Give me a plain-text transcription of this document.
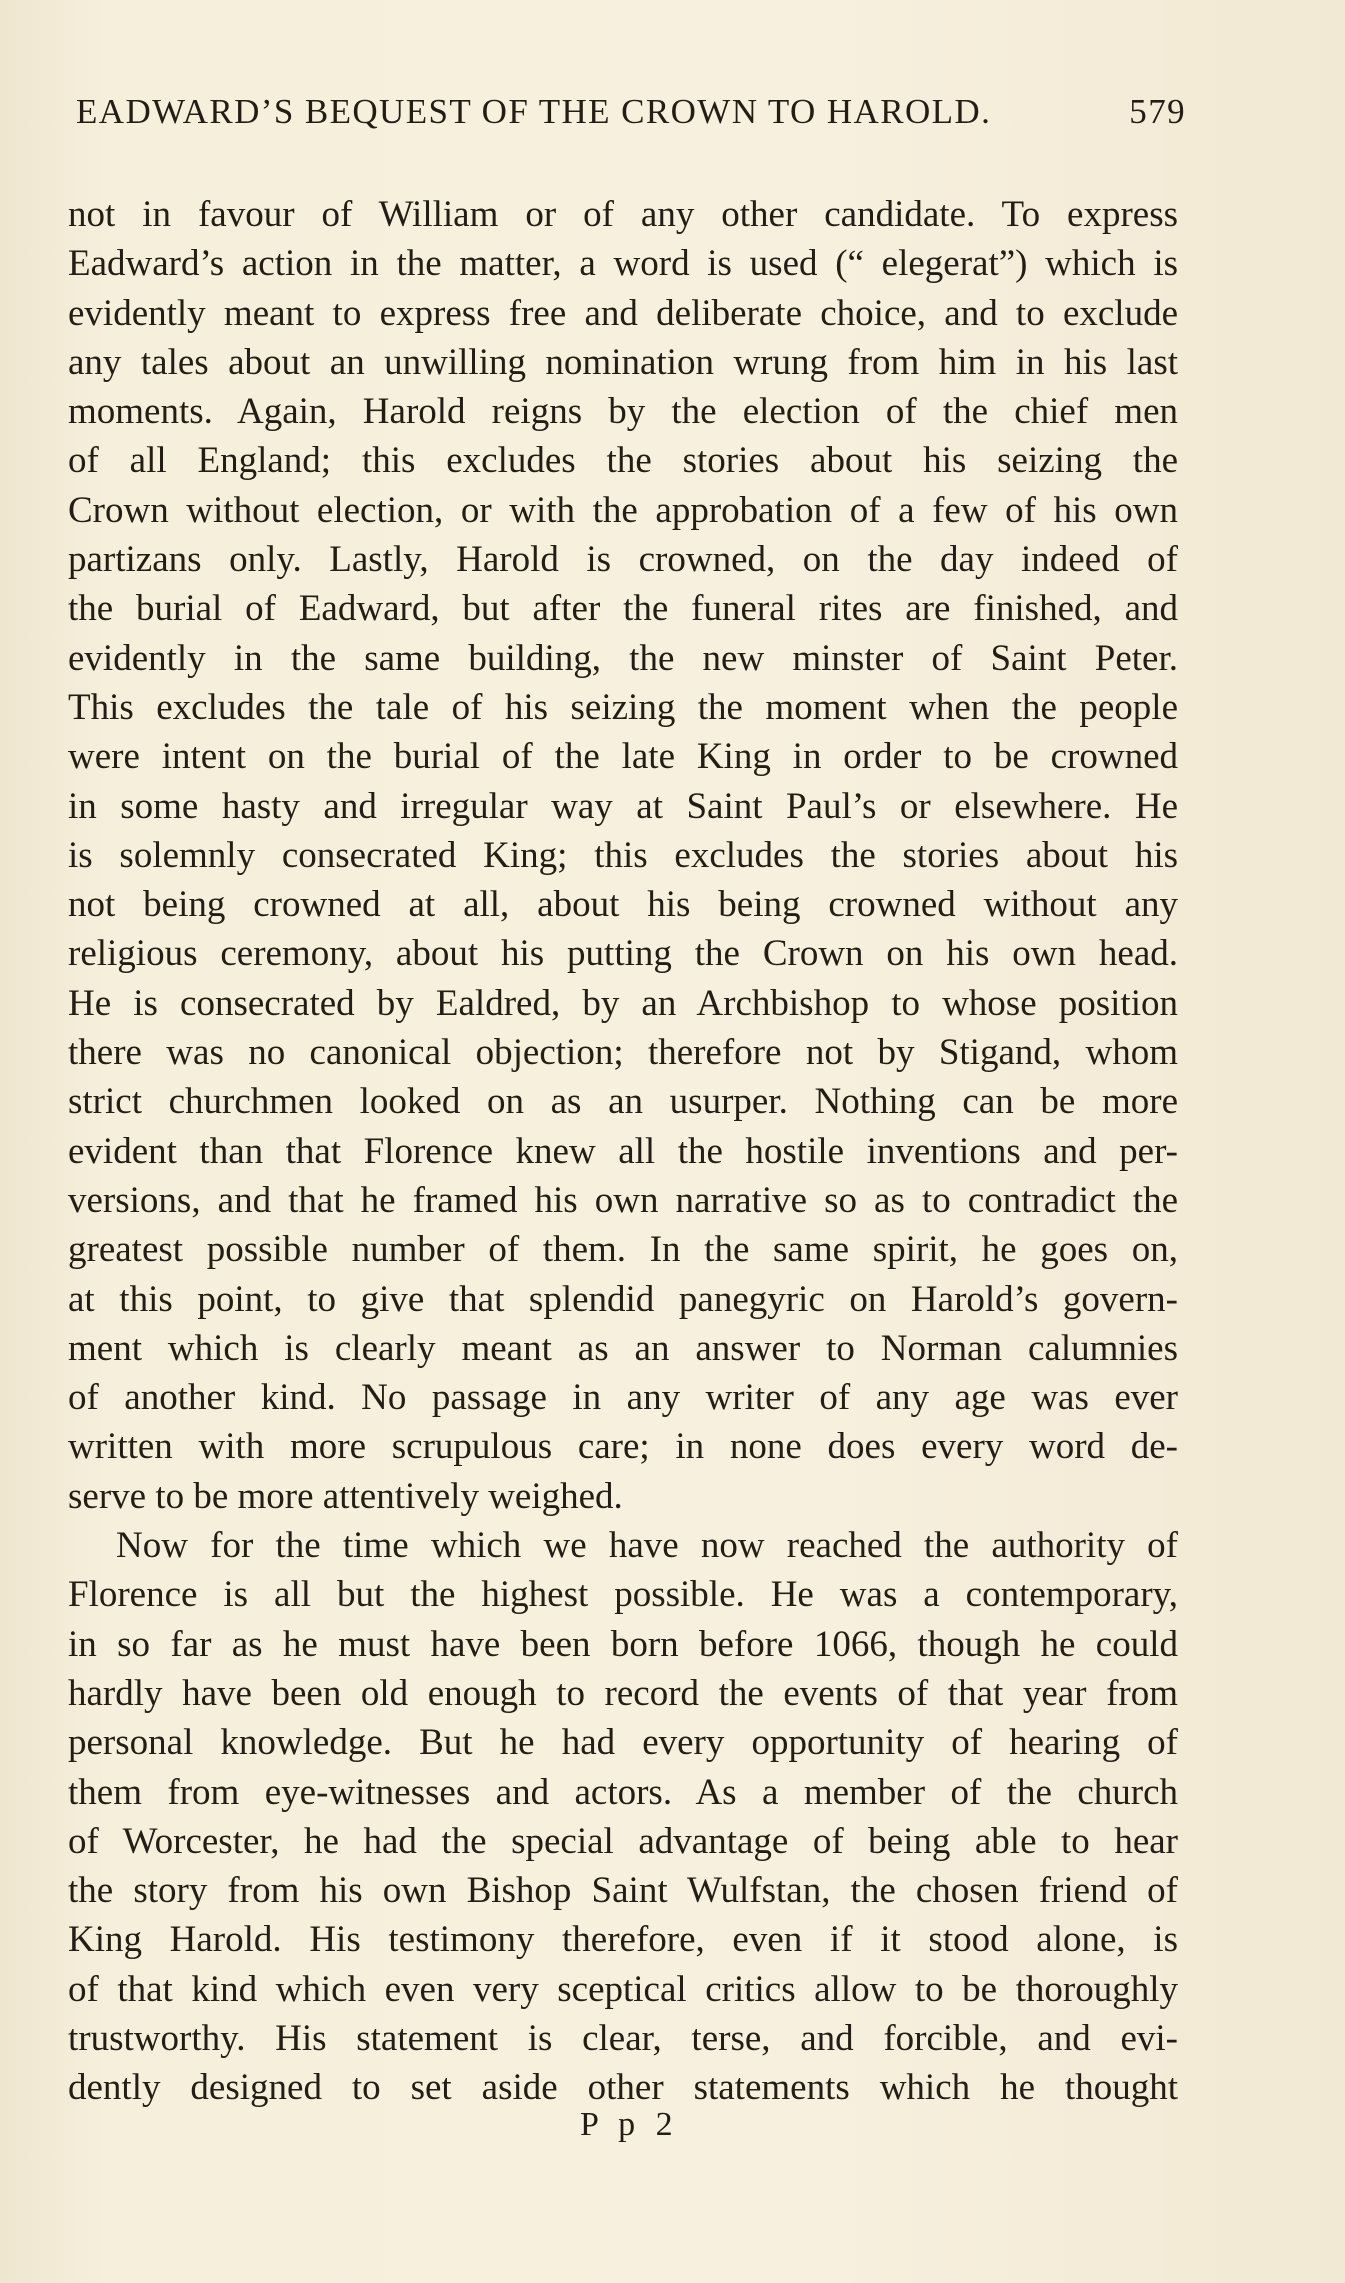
EADWARD’S BEQUEST OF THE CROWN TO HAROLD.	579
not in favour of William or of any other candidate. To express
Eadward’s action in the matter, a word is used (“ elegerat”) which is
evidently meant to express free and deliberate choice, and to exclude
any tales about an unwilling nomination wrung from him in his last
moments. Again, Harold reigns by the election of the chief men
of all England; this excludes the stories about his seizing the
Crown without election, or with the approbation of a few of his own
partizans only. Lastly, Harold is crowned, on the day indeed of
the burial of Eadward, but after the funeral rites are finished, and
evidently in the same building, the new minster of Saint Peter.
This excludes the tale of his seizing the moment when the people
were intent on the burial of the late King in order to be crowned
in some hasty and irregular way at Saint Paul’s or elsewhere. He
is solemnly consecrated King; this excludes the stories about his
not being crowned at all, about his being crowned without any
religious ceremony, about his putting the Crown on his own head.
He is consecrated by Ealdred, by an Archbishop to whose position
there was no canonical objection; therefore not by Stigand, whom
strict churchmen looked on as an usurper. Nothing can be more
evident than that Florence knew all the hostile inventions and per-
versions, and that he framed his own narrative so as to contradict the
greatest possible number of them. In the same spirit, he goes on,
at this point, to give that splendid panegyric on Harold’s govern-
ment which is clearly meant as an answer to Norman calumnies
of another kind. No passage in any writer of any age was ever
written with more scrupulous care; in none does every word de-
serve to be more attentively weighed.
Now for the time which we have now reached the authority of
Florence is all but the highest possible. He was a contemporary,
in so far as he must have been born before 1066, though he could
hardly have been old enough to record the events of that year from
personal knowledge. But he had every opportunity of hearing of
them from eye-witnesses and actors. As a member of the church
of Worcester, he had the special advantage of being able to hear
the story from his own Bishop Saint Wulfstan, the chosen friend of
King Harold. His testimony therefore, even if it stood alone, is
of that kind which even very sceptical critics allow to be thoroughly
trustworthy. His statement is clear, terse, and forcible, and evi-
dently designed to set aside other statements which he thought
P p 2
